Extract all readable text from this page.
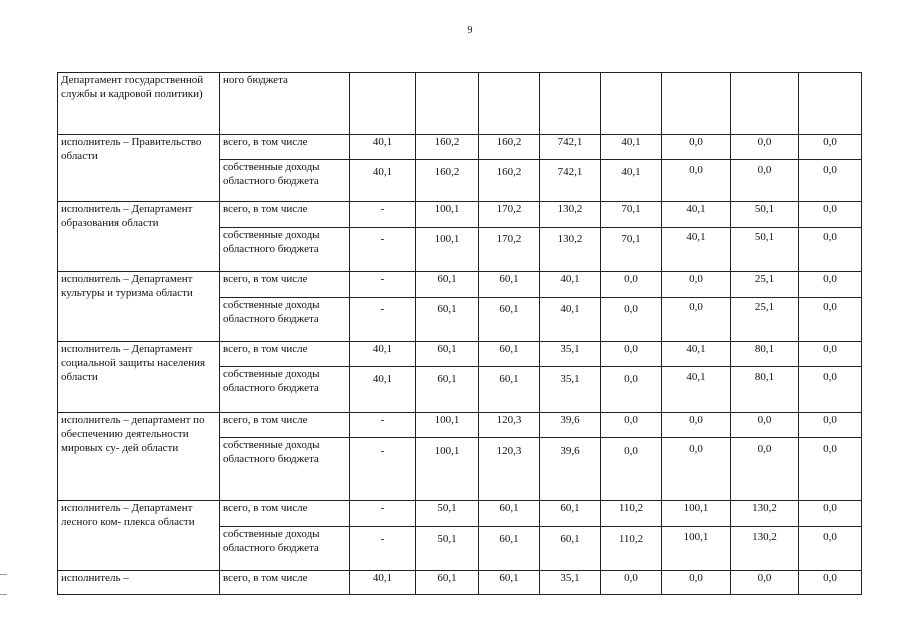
9
Департамент государственной службы и кадровой политики)	ного бюджета								
исполнитель – Правительство области	всего, в том числе	40,1	160,2	160,2	742,1	40,1	0,0	0,0	0,0
	собственные доходы областного бюджета	40,1	160,2	160,2	742,1	40,1	0,0	0,0	0,0
исполнитель – Департамент образования области	всего, в том числе	-	100,1	170,2	130,2	70,1	40,1	50,1	0,0
	собственные доходы областного бюджета	-	100,1	170,2	130,2	70,1	40,1	50,1	0,0
исполнитель – Департамент культуры и туризма области	всего, в том числе	-	60,1	60,1	40,1	0,0	0,0	25,1	0,0
	собственные доходы областного бюджета	-	60,1	60,1	40,1	0,0	0,0	25,1	0,0
исполнитель – Департамент социальной защиты населения области	всего, в том числе	40,1	60,1	60,1	35,1	0,0	40,1	80,1	0,0
	собственные доходы областного бюджета	40,1	60,1	60,1	35,1	0,0	40,1	80,1	0,0
исполнитель – департамент по обеспечению деятельности мировых су- дей области	всего, в том числе	-	100,1	120,3	39,6	0,0	0,0	0,0	0,0
	собственные доходы областного бюджета	-	100,1	120,3	39,6	0,0	0,0	0,0	0,0
исполнитель – Департамент лесного ком- плекса области	всего, в том числе	-	50,1	60,1	60,1	110,2	100,1	130,2	0,0
	собственные доходы областного бюджета	-	50,1	60,1	60,1	110,2	100,1	130,2	0,0
исполнитель –	всего, в том числе	40,1	60,1	60,1	35,1	0,0	0,0	0,0	0,0
